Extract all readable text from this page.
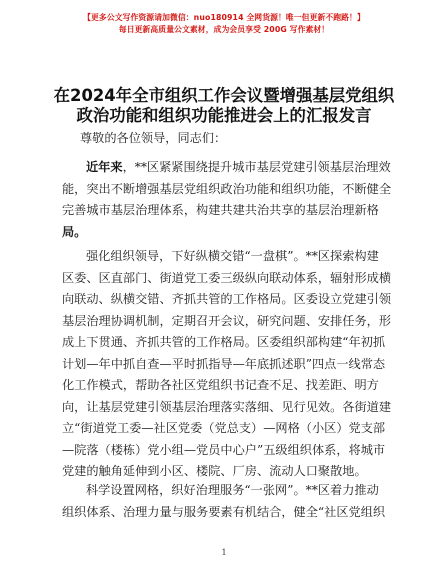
【更多公文写作资源请加微信：nuo180914 全网货源！唯一但更新不跑路！】
每日更新高质量公文素材，成为会员享受 200G 写作素材！
在2024年全市组织工作会议暨增强基层党组织
政治功能和组织功能推进会上的汇报发言
尊敬的各位领导，同志们：
近年来，**区紧紧围绕提升城市基层党建引领基层治理效
能，突出不断增强基层党组织政治功能和组织功能，不断健全
完善城市基层治理体系，构建共建共治共享的基层治理新格
局。
强化组织领导，下好纵横交错“一盘棋”。**区探索构建
区委、区直部门、街道党工委三级纵向联动体系，辐射形成横
向联动、纵横交错、齐抓共管的工作格局。区委设立党建引领
基层治理协调机制，定期召开会议，研究问题、安排任务，形
成上下贯通、齐抓共管的工作格局。区委组织部构建“年初抓
计划—年中抓自查—平时抓指导—年底抓述职”四点一线常态
化工作模式，帮助各社区党组织书记查不足、找差距、明方
向，让基层党建引领基层治理落实落细、见行见效。各街道建
立“街道党工委—社区党委（党总支）—网格（小区）党支部
—院落（楼栋）党小组—党员中心户”五级组织体系，将城市
党建的触角延伸到小区、楼院、厂房、流动人口聚散地。
科学设置网格，织好治理服务“一张网”。**区着力推动
组织体系、治理力量与服务要素有机结合，健全“社区党组织
1
